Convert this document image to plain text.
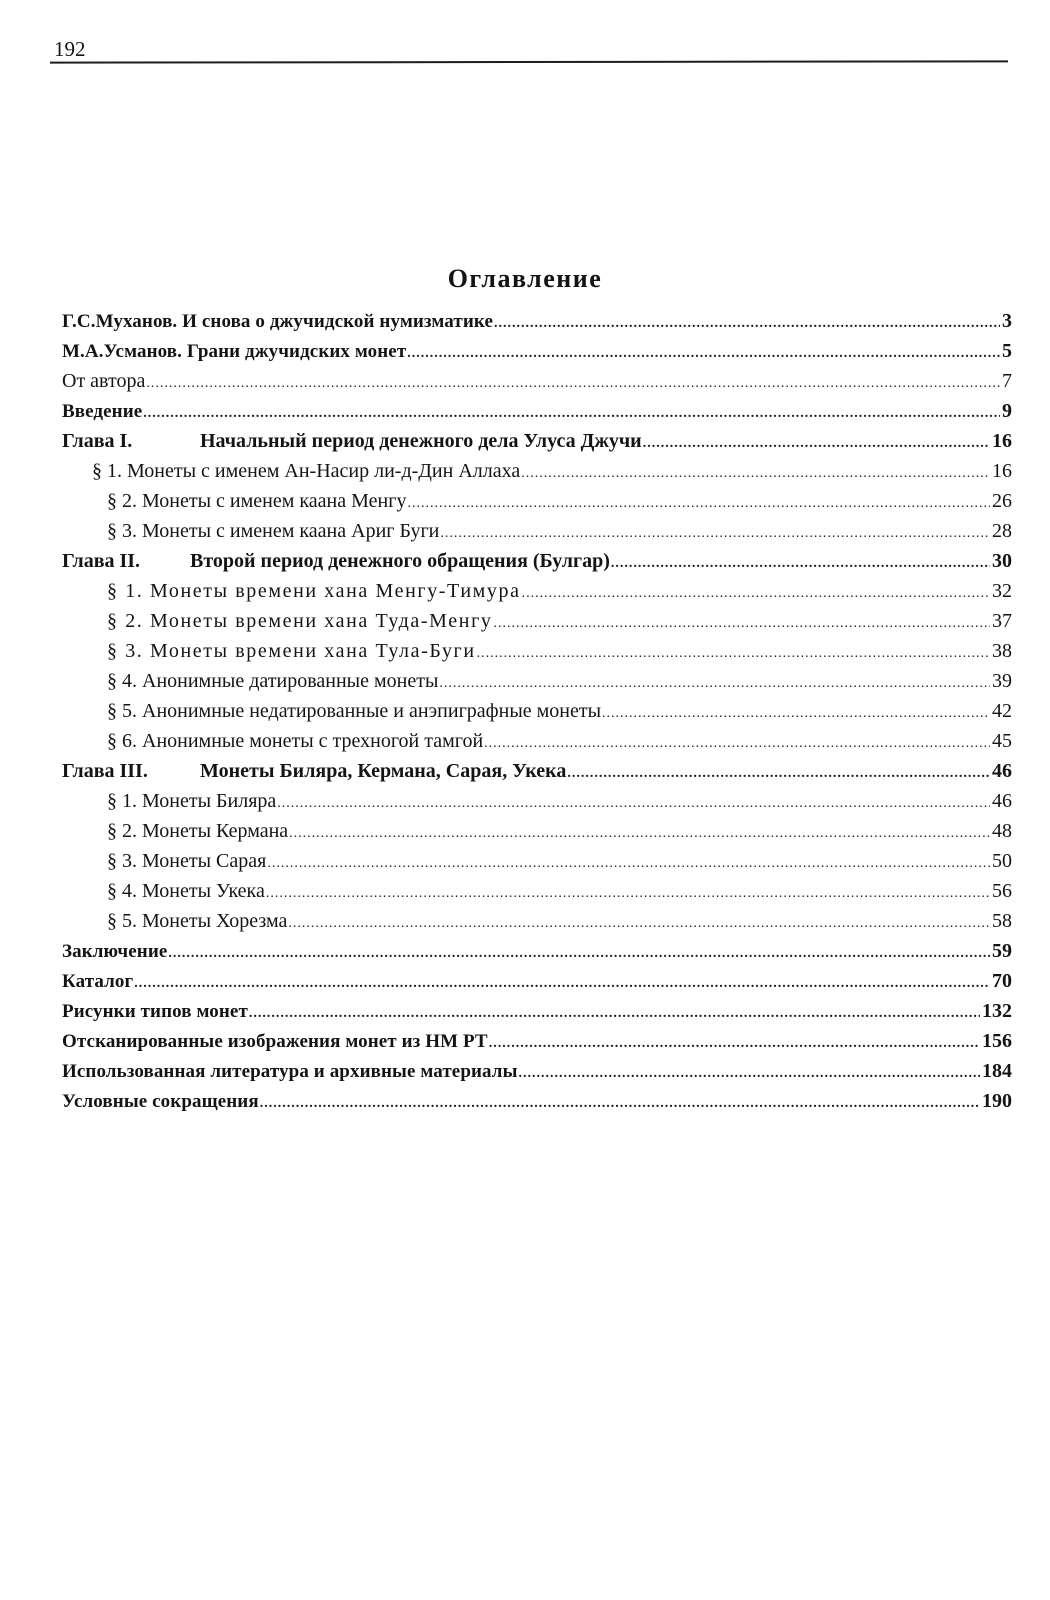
192
Оглавление
Г.С.Муханов. И снова о джучидской нумизматике .....	3
М.А.Усманов. Грани джучидских монет .....	5
От автора .....	7
Введение .....	9
Глава I.	Начальный период денежного дела Улуса Джучи .....	16
§ 1. Монеты с именем Ан-Насир ли-д-Дин Аллаха .....	16
§ 2. Монеты с именем каана Менгу .....	26
§ 3. Монеты с именем каана Ариг Буги .....	28
Глава II. Второй период денежного обращения (Булгар) .....	30
§ 1. Монеты времени хана Менгу-Тимура .....	32
§ 2. Монеты времени хана Туда-Менгу .....	37
§ 3. Монеты времени хана Тула-Буги .....	38
§ 4. Анонимные датированные монеты .....	39
§ 5. Анонимные недатированные и анэпиграфные монеты .....	42
§ 6. Анонимные монеты с трехногой тамгой .....	45
Глава III.	Монеты Биляра, Кермана, Сарая, Укека .....	46
§ 1. Монеты Биляра .....	46
§ 2. Монеты Кермана .....	48
§ 3. Монеты Сарая .....	50
§ 4. Монеты Укека .....	56
§ 5. Монеты Хорезма .....	58
Заключение .....	59
Каталог .....	70
Рисунки типов монет .....	132
Отсканированные изображения монет из НМ РТ .....	156
Использованная литература и архивные материалы .....	184
Условные сокращения .....	190
